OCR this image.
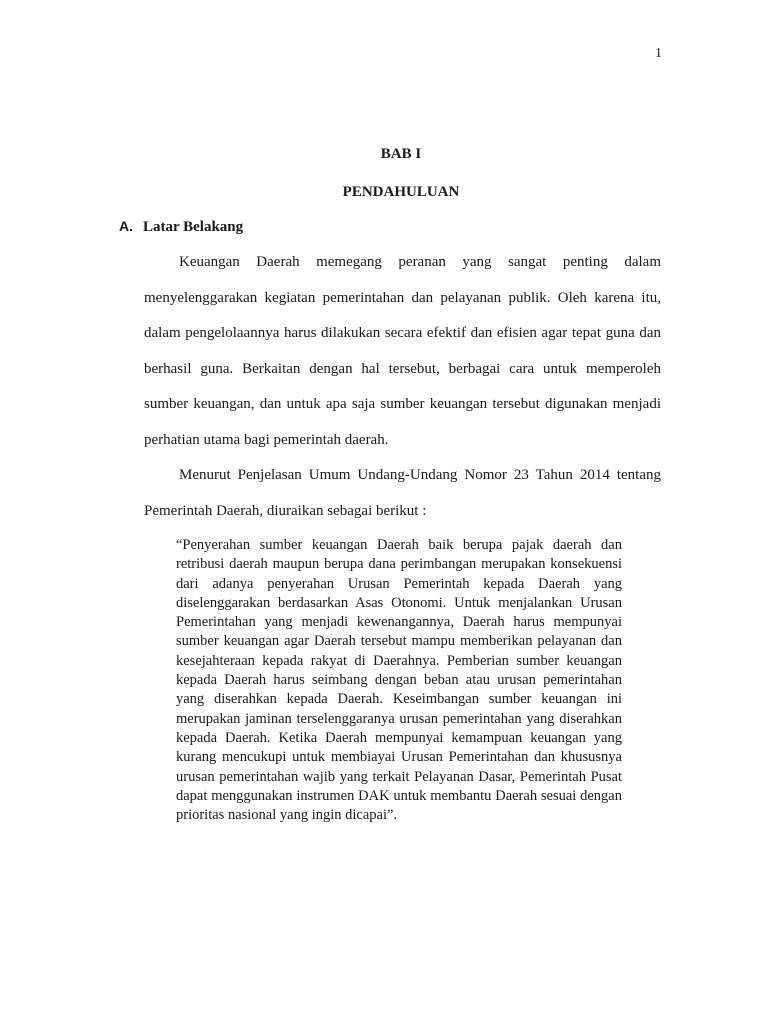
1
BAB I
PENDAHULUAN
A. Latar Belakang

Keuangan Daerah memegang peranan yang sangat penting dalam menyelenggarakan kegiatan pemerintahan dan pelayanan publik. Oleh karena itu, dalam pengelolaannya harus dilakukan secara efektif dan efisien agar tepat guna dan berhasil guna. Berkaitan dengan hal tersebut, berbagai cara untuk memperoleh sumber keuangan, dan untuk apa saja sumber keuangan tersebut digunakan menjadi perhatian utama bagi pemerintah daerah.

Menurut Penjelasan Umum Undang-Undang Nomor 23 Tahun 2014 tentang Pemerintah Daerah, diuraikan sebagai berikut :

“Penyerahan sumber keuangan Daerah baik berupa pajak daerah dan retribusi daerah maupun berupa dana perimbangan merupakan konsekuensi dari adanya penyerahan Urusan Pemerintah kepada Daerah yang diselenggarakan berdasarkan Asas Otonomi. Untuk menjalankan Urusan Pemerintahan yang menjadi kewenangannya, Daerah harus mempunyai sumber keuangan agar Daerah tersebut mampu memberikan pelayanan dan kesejahteraan kepada rakyat di Daerahnya. Pemberian sumber keuangan kepada Daerah harus seimbang dengan beban atau urusan pemerintahan yang diserahkan kepada Daerah. Keseimbangan sumber keuangan ini merupakan jaminan terselenggaranya urusan pemerintahan yang diserahkan kepada Daerah. Ketika Daerah mempunyai kemampuan keuangan yang kurang mencukupi untuk membiayai Urusan Pemerintahan dan khususnya urusan pemerintahan wajib yang terkait Pelayanan Dasar, Pemerintah Pusat dapat menggunakan instrumen DAK untuk membantu Daerah sesuai dengan prioritas nasional yang ingin dicapai”.
